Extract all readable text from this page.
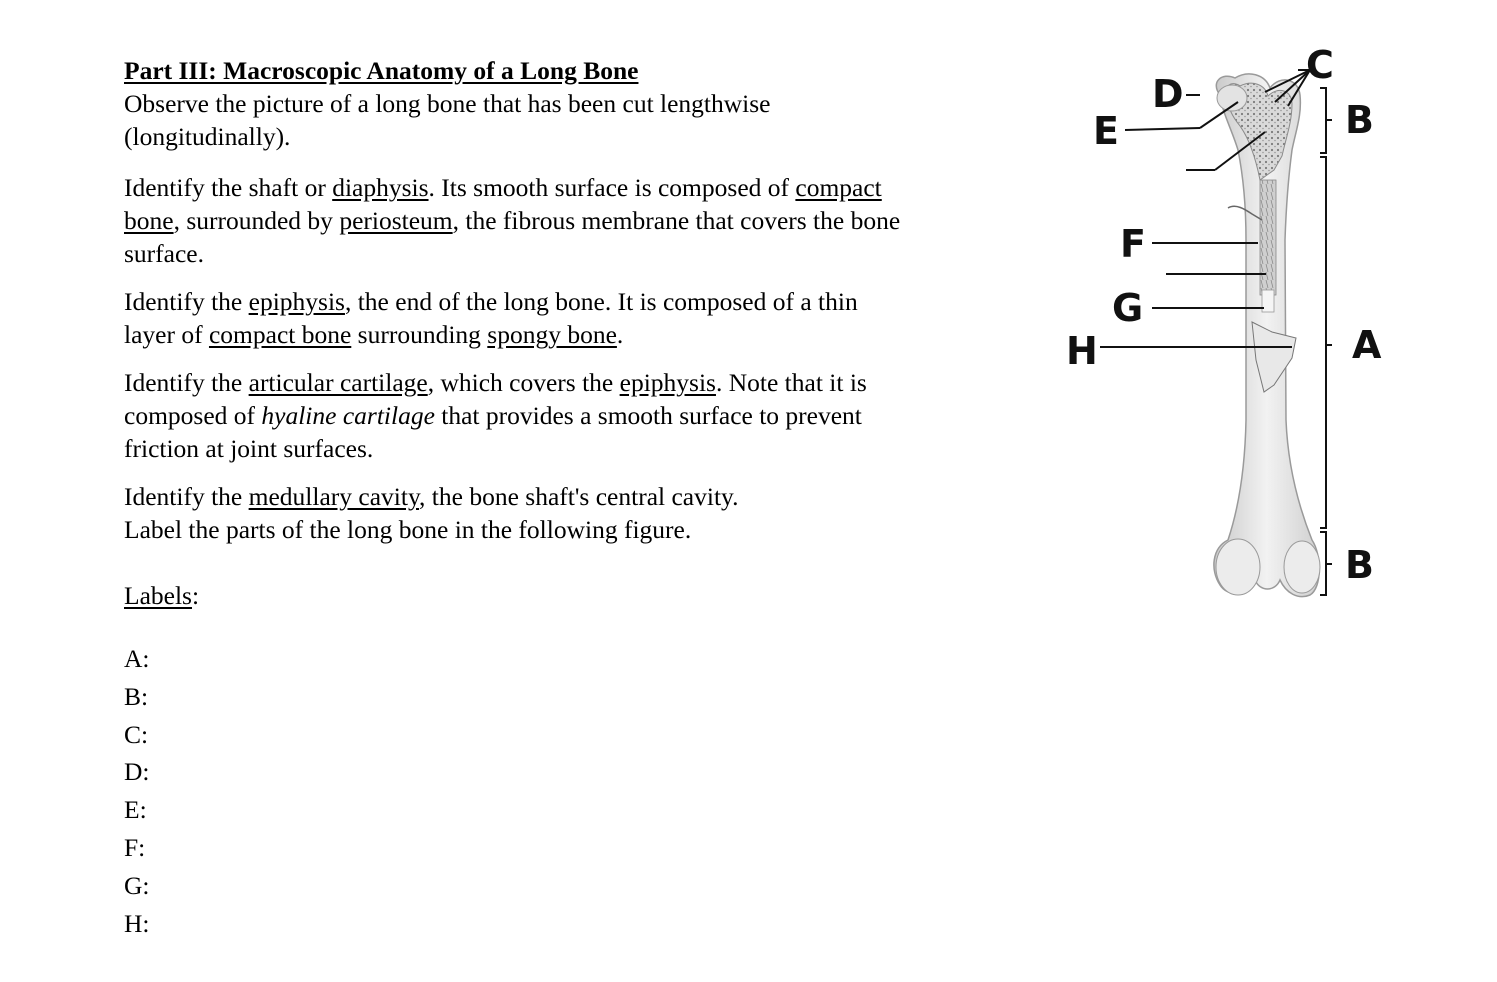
Part III: Macroscopic Anatomy of a Long Bone

Observe the picture of a long bone that has been cut lengthwise
(longitudinally).

Identify the shaft or diaphysis. Its smooth surface is composed of compact
bone, surrounded by periosteum, the fibrous membrane that covers the bone
surface.

Identify the epiphysis, the end of the long bone. It is composed of a thin
layer of compact bone surrounding spongy bone.

Identify the articular cartilage, which covers the epiphysis. Note that it is
composed of hyaline cartilage that provides a smooth surface to prevent
friction at joint surfaces.

Identify the medullary cavity, the bone shaft's central cavity.
Label the parts of the long bone in the following figure.

Labels:

A:
B:
C:
D:
E:
F:
G:
H:
C
B
D
E
F
G
H	A
B
